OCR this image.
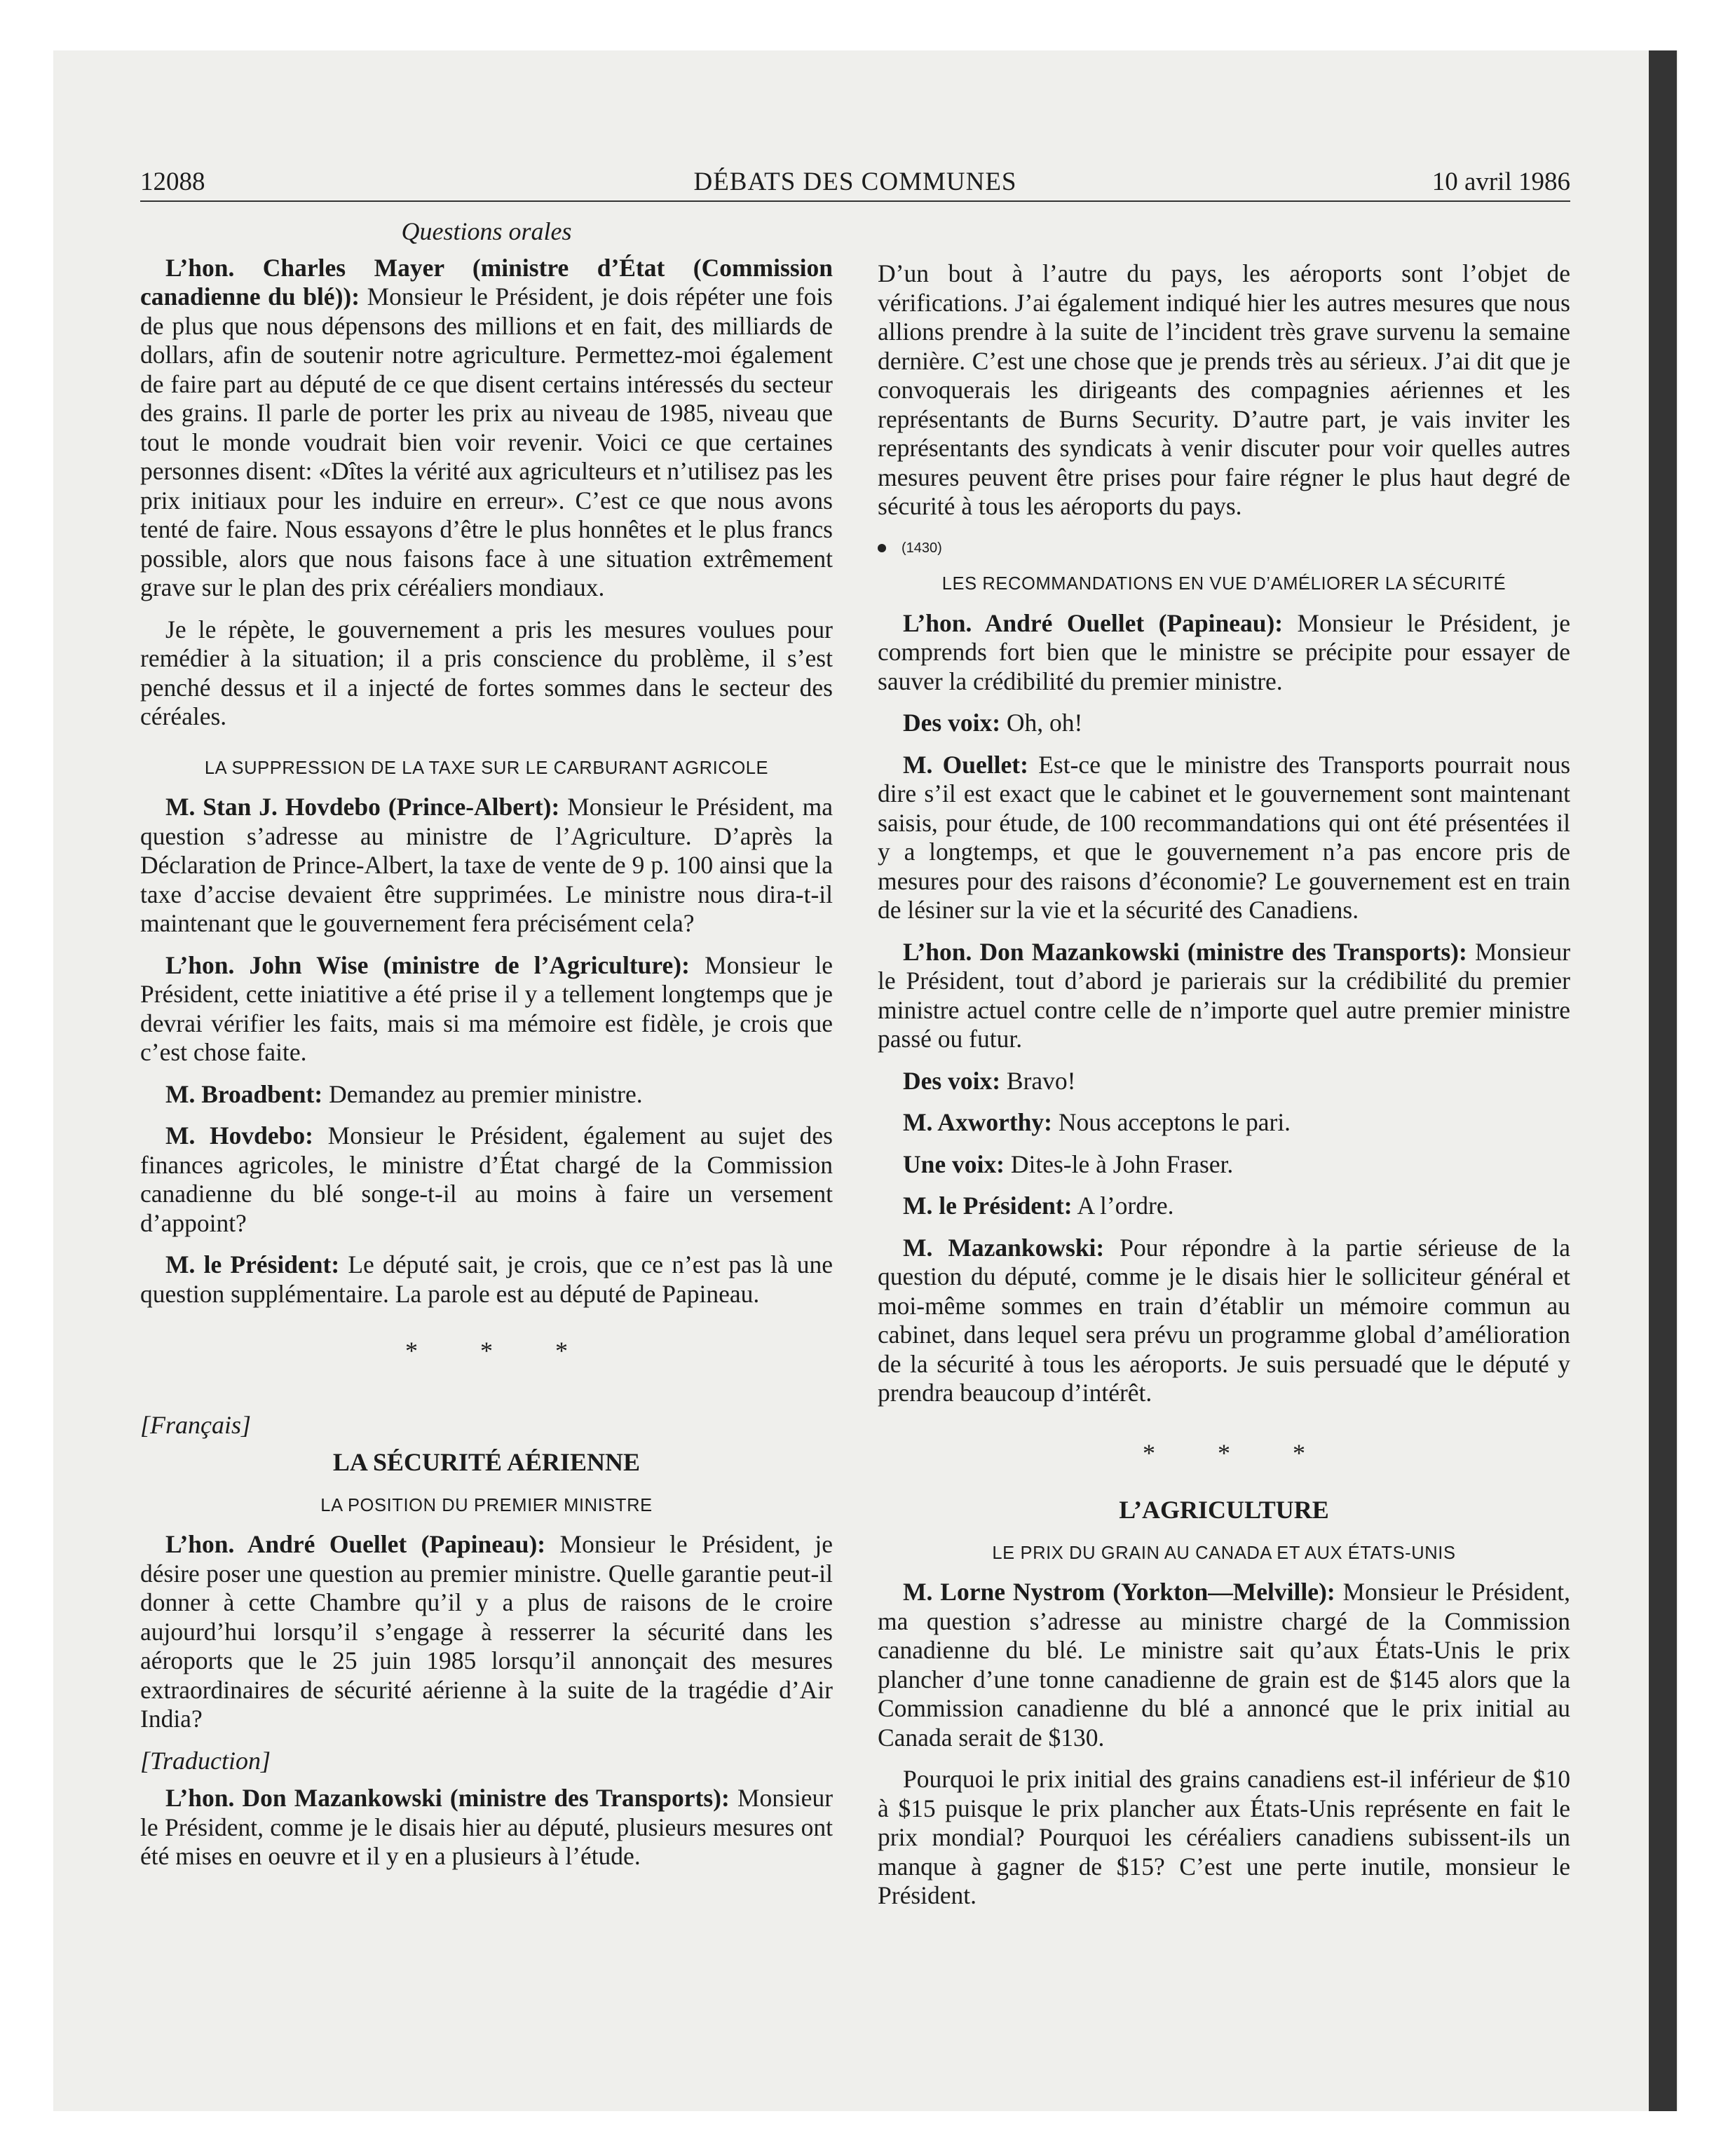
12088	DÉBATS DES COMMUNES	10 avril 1986
Questions orales

L’hon. Charles Mayer (ministre d’État (Commission canadienne du blé)): Monsieur le Président, je dois répéter une fois de plus que nous dépensons des millions et en fait, des milliards de dollars, afin de soutenir notre agriculture. Permettez-moi également de faire part au député de ce que disent certains intéressés du secteur des grains. Il parle de porter les prix au niveau de 1985, niveau que tout le monde voudrait bien voir revenir. Voici ce que certaines personnes disent: «Dîtes la vérité aux agriculteurs et n’utilisez pas les prix initiaux pour les induire en erreur». C’est ce que nous avons tenté de faire. Nous essayons d’être le plus honnêtes et le plus francs possible, alors que nous faisons face à une situation extrêmement grave sur le plan des prix céréaliers mondiaux.

Je le répète, le gouvernement a pris les mesures voulues pour remédier à la situation; il a pris conscience du problème, il s’est penché dessus et il a injecté de fortes sommes dans le secteur des céréales.

LA SUPPRESSION DE LA TAXE SUR LE CARBURANT AGRICOLE

M. Stan J. Hovdebo (Prince-Albert): Monsieur le Président, ma question s’adresse au ministre de l’Agriculture. D’après la Déclaration de Prince-Albert, la taxe de vente de 9 p. 100 ainsi que la taxe d’accise devaient être supprimées. Le ministre nous dira-t-il maintenant que le gouvernement fera précisément cela?

L’hon. John Wise (ministre de l’Agriculture): Monsieur le Président, cette iniatitive a été prise il y a tellement longtemps que je devrai vérifier les faits, mais si ma mémoire est fidèle, je crois que c’est chose faite.

M. Broadbent: Demandez au premier ministre.

M. Hovdebo: Monsieur le Président, également au sujet des finances agricoles, le ministre d’État chargé de la Commission canadienne du blé songe-t-il au moins à faire un versement d’appoint?

M. le Président: Le député sait, je crois, que ce n’est pas là une question supplémentaire. La parole est au député de Papineau.

* * *
[Français]
LA SÉCURITÉ AÉRIENNE
LA POSITION DU PREMIER MINISTRE

L’hon. André Ouellet (Papineau): Monsieur le Président, je désire poser une question au premier ministre. Quelle garantie peut-il donner à cette Chambre qu’il y a plus de raisons de le croire aujourd’hui lorsqu’il s’engage à resserrer la sécurité dans les aéroports que le 25 juin 1985 lorsqu’il annonçait des mesures extraordinaires de sécurité aérienne à la suite de la tragédie d’Air India?

[Traduction]

L’hon. Don Mazankowski (ministre des Transports): Monsieur le Président, comme je le disais hier au député, plusieurs mesures ont été mises en oeuvre et il y en a plusieurs à l’étude.

D’un bout à l’autre du pays, les aéroports sont l’objet de vérifications. J’ai également indiqué hier les autres mesures que nous allions prendre à la suite de l’incident très grave survenu la semaine dernière. C’est une chose que je prends très au sérieux. J’ai dit que je convoquerais les dirigeants des compagnies aériennes et les représentants de Burns Security. D’autre part, je vais inviter les représentants des syndicats à venir discuter pour voir quelles autres mesures peuvent être prises pour faire régner le plus haut degré de sécurité à tous les aéroports du pays.

(1430)
LES RECOMMANDATIONS EN VUE D’AMÉLIORER LA SÉCURITÉ

L’hon. André Ouellet (Papineau): Monsieur le Président, je comprends fort bien que le ministre se précipite pour essayer de sauver la crédibilité du premier ministre.

Des voix: Oh, oh!

M. Ouellet: Est-ce que le ministre des Transports pourrait nous dire s’il est exact que le cabinet et le gouvernement sont maintenant saisis, pour étude, de 100 recommandations qui ont été présentées il y a longtemps, et que le gouvernement n’a pas encore pris de mesures pour des raisons d’économie? Le gouvernement est en train de lésiner sur la vie et la sécurité des Canadiens.

L’hon. Don Mazankowski (ministre des Transports): Monsieur le Président, tout d’abord je parierais sur la crédibilité du premier ministre actuel contre celle de n’importe quel autre premier ministre passé ou futur.

Des voix: Bravo!

M. Axworthy: Nous acceptons le pari.

Une voix: Dites-le à John Fraser.

M. le Président: A l’ordre.

M. Mazankowski: Pour répondre à la partie sérieuse de la question du député, comme je le disais hier le solliciteur général et moi-même sommes en train d’établir un mémoire commun au cabinet, dans lequel sera prévu un programme global d’amélioration de la sécurité à tous les aéroports. Je suis persuadé que le député y prendra beaucoup d’intérêt.

* * *
L’AGRICULTURE
LE PRIX DU GRAIN AU CANADA ET AUX ÉTATS-UNIS

M. Lorne Nystrom (Yorkton—Melville): Monsieur le Président, ma question s’adresse au ministre chargé de la Commission canadienne du blé. Le ministre sait qu’aux États-Unis le prix plancher d’une tonne canadienne de grain est de $145 alors que la Commission canadienne du blé a annoncé que le prix initial au Canada serait de $130.

Pourquoi le prix initial des grains canadiens est-il inférieur de $10 à $15 puisque le prix plancher aux États-Unis représente en fait le prix mondial? Pourquoi les céréaliers canadiens subissent-ils un manque à gagner de $15? C’est une perte inutile, monsieur le Président.
